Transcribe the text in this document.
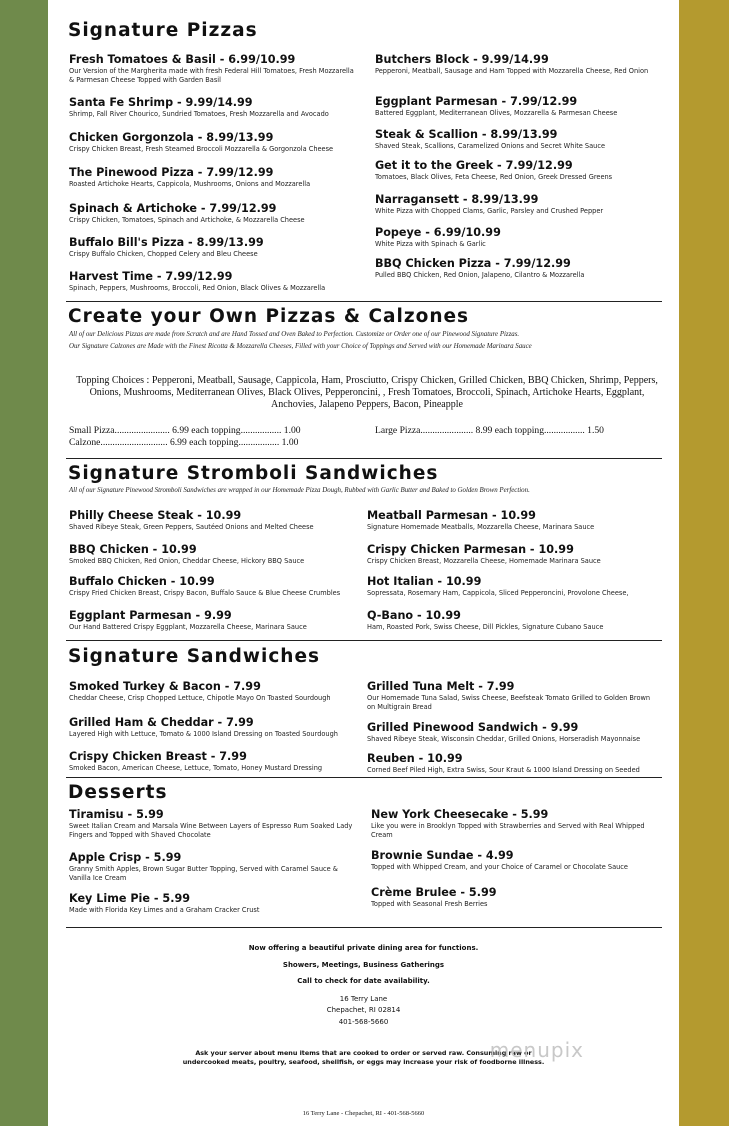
Signature Pizzas
Fresh Tomatoes & Basil - 6.99/10.99
Our Version of the Margherita made with fresh Federal Hill Tomatoes, Fresh Mozzarella & Parmesan Cheese Topped with Garden Basil
Santa Fe Shrimp - 9.99/14.99
Shrimp, Fall River Chourico, Sundried Tomatoes, Fresh Mozzarella and Avocado
Chicken Gorgonzola - 8.99/13.99
Crispy Chicken Breast, Fresh Steamed Broccoli Mozzarella & Gorgonzola Cheese
The Pinewood Pizza - 7.99/12.99
Roasted Artichoke Hearts, Cappicola, Mushrooms, Onions and Mozzarella
Spinach & Artichoke - 7.99/12.99
Crispy Chicken, Tomatoes, Spinach and Artichoke, & Mozzarella Cheese
Buffalo Bill's Pizza - 8.99/13.99
Crispy Buffalo Chicken, Chopped Celery and Bleu Cheese
Harvest Time - 7.99/12.99
Spinach, Peppers, Mushrooms, Broccoli, Red Onion, Black Olives & Mozzarella
Butchers Block - 9.99/14.99
Pepperoni, Meatball, Sausage and Ham Topped with Mozzarella Cheese, Red Onion
Eggplant Parmesan - 7.99/12.99
Battered Eggplant, Mediterranean Olives, Mozzarella & Parmesan Cheese
Steak & Scallion - 8.99/13.99
Shaved Steak, Scallions, Caramelized Onions and Secret White Sauce
Get it to the Greek - 7.99/12.99
Tomatoes, Black Olives, Feta Cheese, Red Onion, Greek Dressed Greens
Narragansett - 8.99/13.99
White Pizza with Chopped Clams, Garlic, Parsley and Crushed Pepper
Popeye - 6.99/10.99
White Pizza with Spinach & Garlic
BBQ Chicken Pizza - 7.99/12.99
Pulled BBQ Chicken, Red Onion, Jalapeno, Cilantro & Mozzarella
Create your Own Pizzas & Calzones
All of our Delicious Pizzas are made from Scratch and are Hand Tossed and Oven Baked to Perfection. Customize or Order one of our Pinewood Signature Pizzas.
Our Signature Calzones are Made with the Finest Ricotta & Mozzarella Cheeses, Filled with your Choice of Toppings and Served with our Homemade Marinara Sauce
Topping Choices : Pepperoni, Meatball, Sausage, Cappicola, Ham, Prosciutto, Crispy Chicken, Grilled Chicken, BBQ Chicken, Shrimp, Peppers, Onions, Mushrooms, Mediterranean Olives, Black Olives, Pepperoncini, , Fresh Tomatoes, Broccoli, Spinach, Artichoke Hearts, Eggplant, Anchovies, Jalapeno Peppers, Bacon, Pineapple
Small Pizza....................... 6.99 each topping................. 1.00
Calzone............................ 6.99 each topping................. 1.00
Large Pizza...................... 8.99 each topping................. 1.50
Signature Stromboli Sandwiches
All of our Signature Pinewood Stromboli Sandwiches are wrapped in our Homemade Pizza Dough, Rubbed with Garlic Butter and Baked to Golden Brown Perfection.
Philly Cheese Steak - 10.99
Shaved Ribeye Steak, Green Peppers, Sautéed Onions and Melted Cheese
BBQ Chicken - 10.99
Smoked BBQ Chicken, Red Onion, Cheddar Cheese, Hickory BBQ Sauce
Buffalo Chicken - 10.99
Crispy Fried Chicken Breast, Crispy Bacon, Buffalo Sauce & Blue Cheese Crumbles
Eggplant Parmesan - 9.99
Our Hand Battered Crispy Eggplant, Mozzarella Cheese, Marinara Sauce
Meatball Parmesan - 10.99
Signature Homemade Meatballs, Mozzarella Cheese, Marinara Sauce
Crispy Chicken Parmesan - 10.99
Crispy Chicken Breast, Mozzarella Cheese, Homemade Marinara Sauce
Hot Italian - 10.99
Sopressata, Rosemary Ham, Cappicola, Sliced Pepperoncini, Provolone Cheese,
Q-Bano - 10.99
Ham, Roasted Pork, Swiss Cheese, Dill Pickles, Signature Cubano Sauce
Signature Sandwiches
Smoked Turkey & Bacon - 7.99
Cheddar Cheese, Crisp Chopped Lettuce, Chipotle Mayo On Toasted Sourdough
Grilled Ham & Cheddar - 7.99
Layered High with Lettuce, Tomato & 1000 Island Dressing on Toasted Sourdough
Crispy Chicken Breast - 7.99
Smoked Bacon, American Cheese, Lettuce, Tomato, Honey Mustard Dressing
Grilled Tuna Melt - 7.99
Our Homemade Tuna Salad, Swiss Cheese, Beefsteak Tomato Grilled to Golden Brown on Multigrain Bread
Grilled Pinewood Sandwich - 9.99
Shaved Ribeye Steak, Wisconsin Cheddar, Grilled Onions, Horseradish Mayonnaise
Reuben - 10.99
Corned Beef Piled High, Extra Swiss, Sour Kraut & 1000 Island Dressing on Seeded
Desserts
Tiramisu - 5.99
Sweet Italian Cream and Marsala Wine Between Layers of Espresso Rum Soaked Lady Fingers and Topped with Shaved Chocolate
Apple Crisp - 5.99
Granny Smith Apples, Brown Sugar Butter Topping, Served with Caramel Sauce & Vanilla Ice Cream
Key Lime Pie - 5.99
Made with Florida Key Limes and a Graham Cracker Crust
New York Cheesecake - 5.99
Like you were in Brooklyn Topped with Strawberries and Served with Real Whipped Cream
Brownie Sundae - 4.99
Topped with Whipped Cream, and your Choice of Caramel or Chocolate Sauce
Crème Brulee - 5.99
Topped with Seasonal Fresh Berries
Now offering a beautiful private dining area for functions.
Showers, Meetings, Business Gatherings
Call to check for date availability.
16 Terry Lane
Chepachet, RI 02814
401-568-5660
Ask your server about menu items that are cooked to order or served raw. Consuming raw or
undercooked meats, poultry, seafood, shellfish, or eggs may increase your risk of foodborne illness.
16 Terry Lane - Chepachet, RI - 401-568-5660
menupix
